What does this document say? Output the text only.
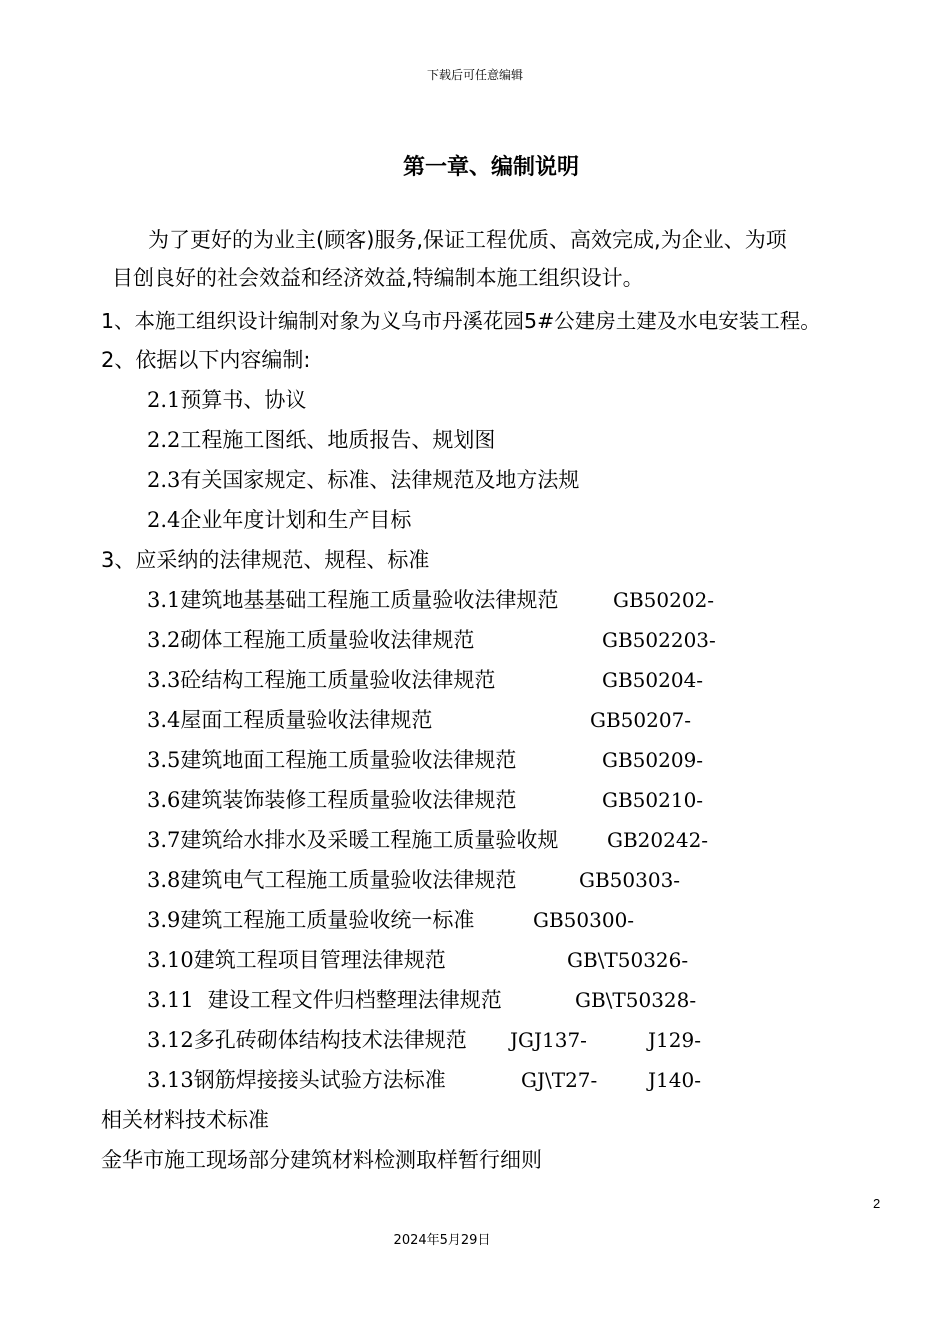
下载后可任意编辑
第一章、编制说明
为了更好的为业主(顾客)服务,保证工程优质、高效完成,为企业、为项
目创良好的社会效益和经济效益,特编制本施工组织设计。
1、本施工组织设计编制对象为义乌市丹溪花园5#公建房土建及水电安装工程。
2、依据以下内容编制:
2.1预算书、协议
2.2工程施工图纸、地质报告、规划图
2.3有关国家规定、标准、法律规范及地方法规
2.4企业年度计划和生产目标
3、应采纳的法律规范、规程、标准
3.1建筑地基基础工程施工质量验收法律规范	GB50202-
3.2砌体工程施工质量验收法律规范	GB502203-
3.3砼结构工程施工质量验收法律规范	GB50204-
3.4屋面工程质量验收法律规范	GB50207-
3.5建筑地面工程施工质量验收法律规范	GB50209-
3.6建筑装饰装修工程质量验收法律规范	GB50210-
3.7建筑给水排水及采暖工程施工质量验收规 GB20242-
3.8建筑电气工程施工质量验收法律规范	GB50303-
3.9建筑工程施工质量验收统一标准	GB50300-
3.10建筑工程项目管理法律规范	GB\T50326-
3.11 建设工程文件归档整理法律规范	GB\T50328-
3.12多孔砖砌体结构技术法律规范 JGJ137-	J129-
3.13钢筋焊接接头试验方法标准	GJ\T27-	J140-
相关材料技术标准
金华市施工现场部分建筑材料检测取样暂行细则
2
2024年5月29日
